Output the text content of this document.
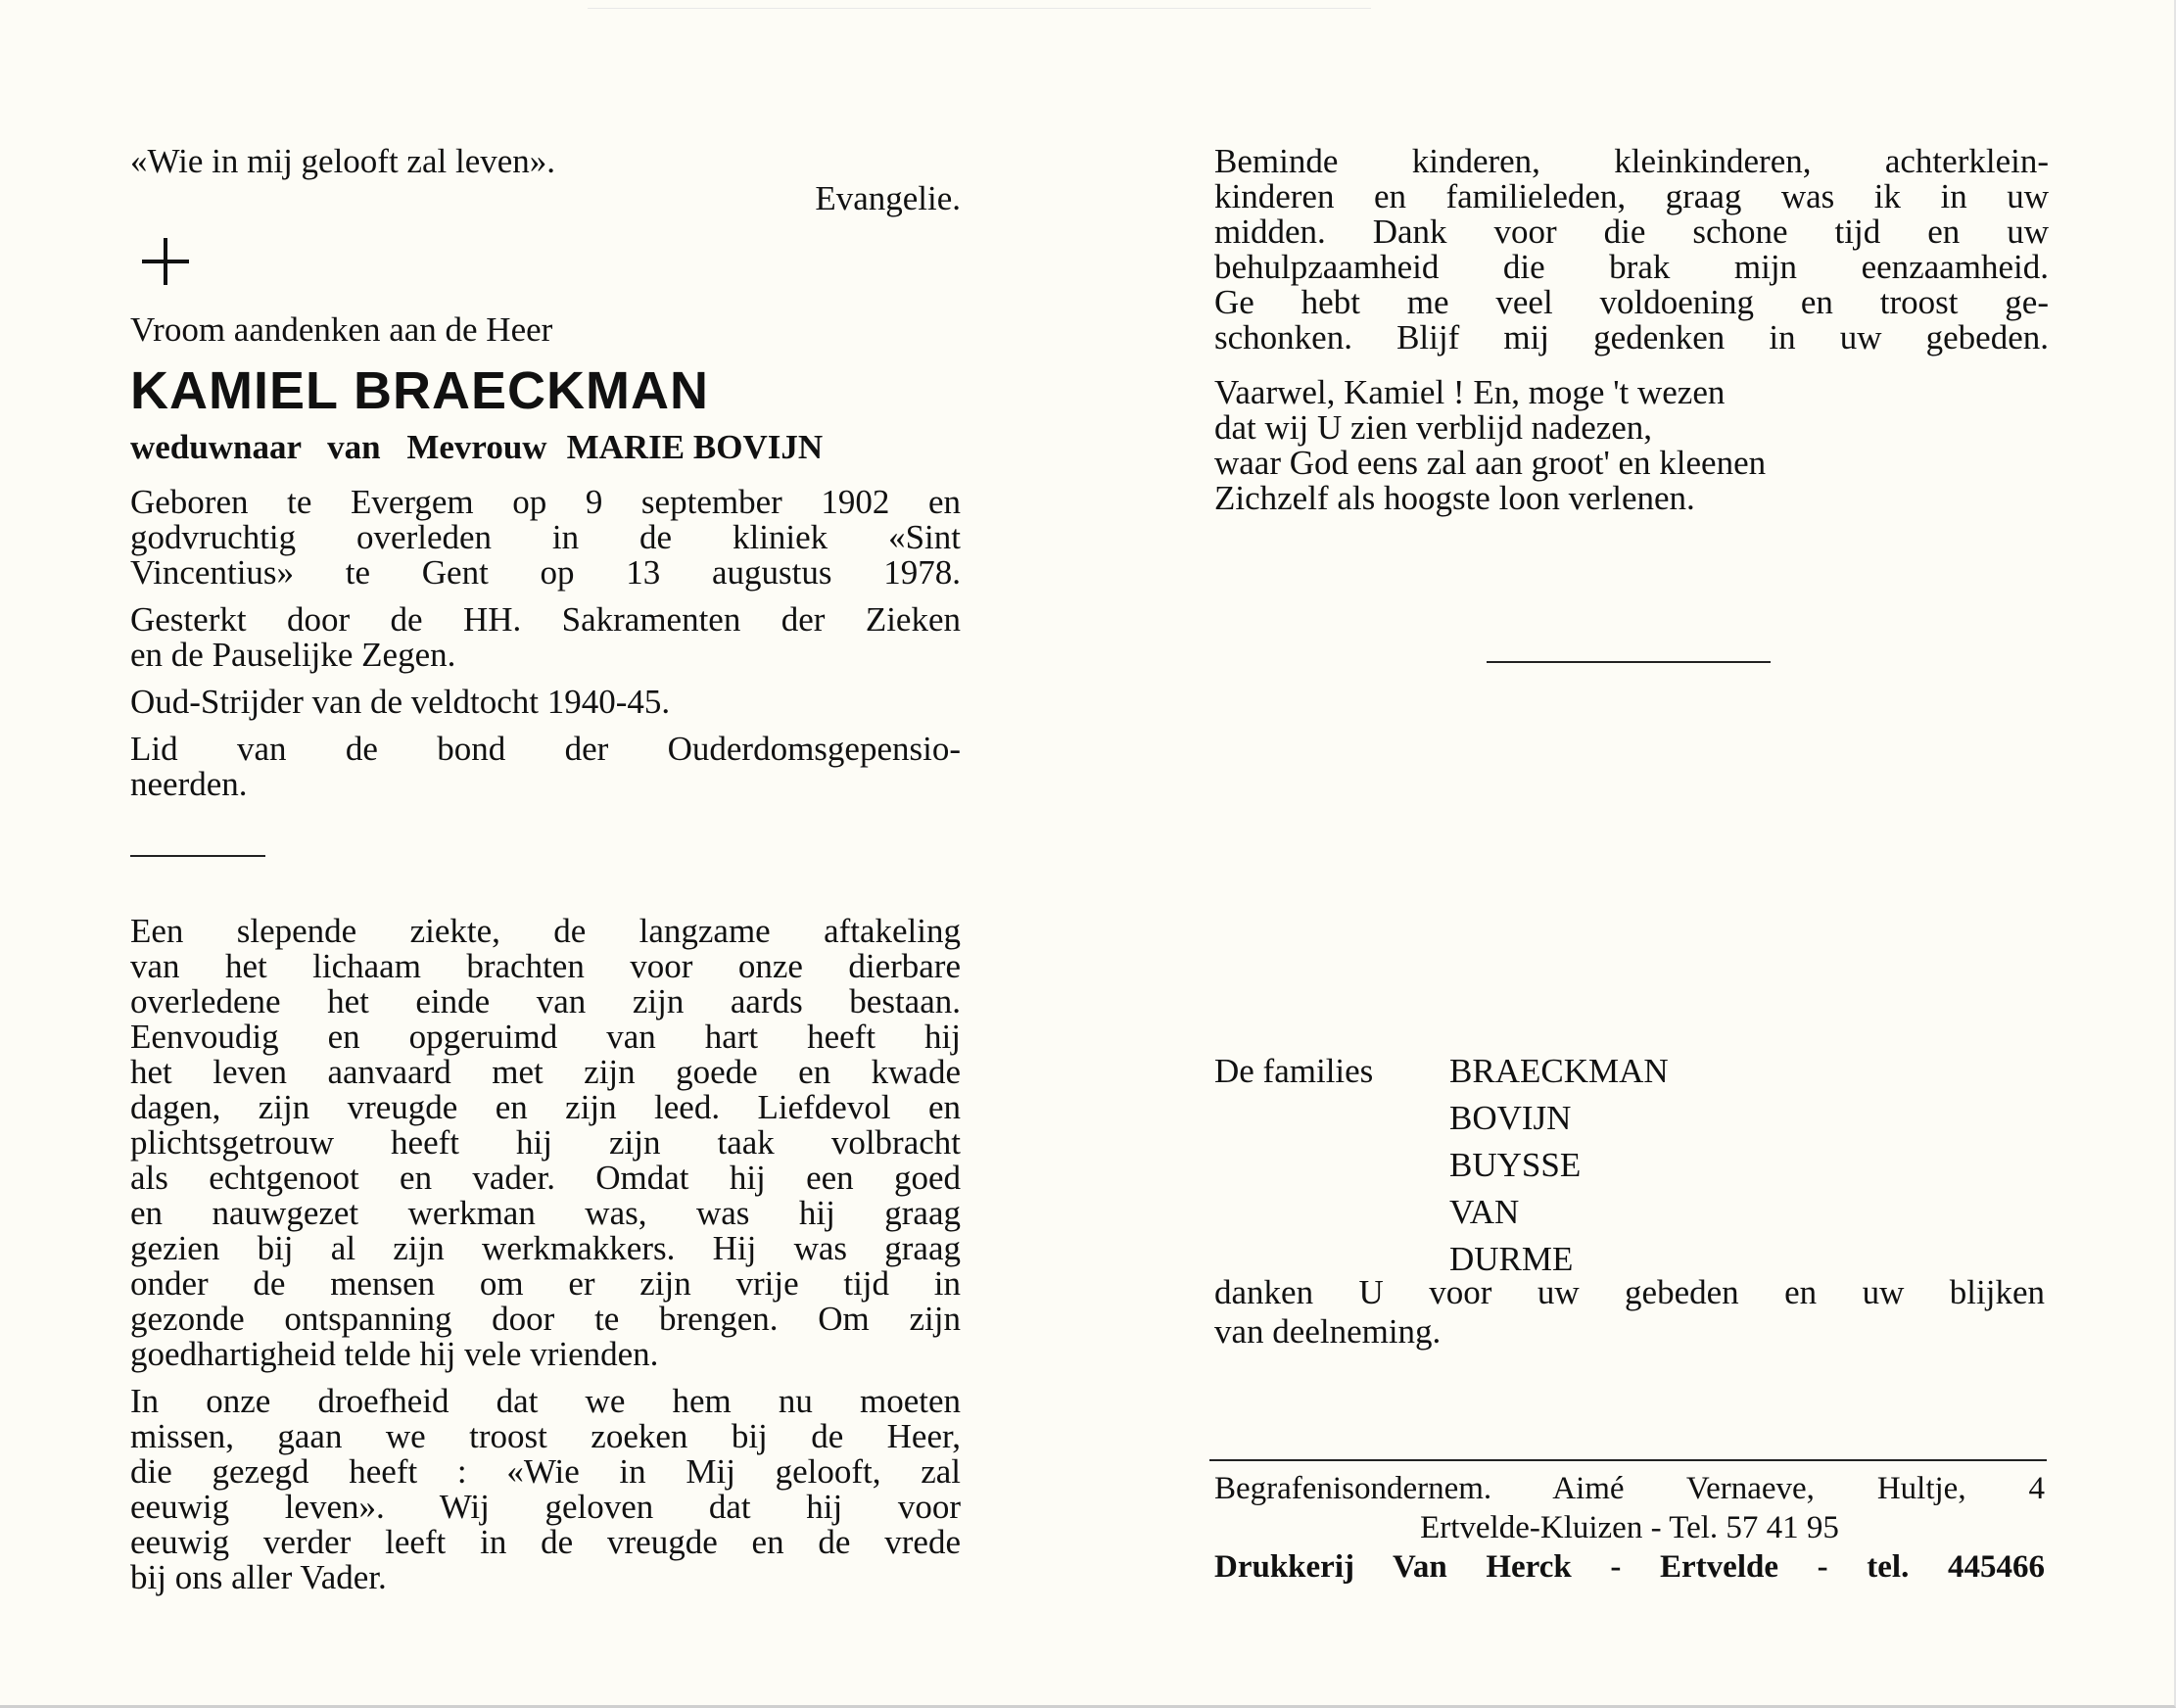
«Wie in mij gelooft zal leven».
Evangelie.

Vroom aandenken aan de Heer

KAMIEL BRAECKMAN
weduwnaar van Mevrouw MARIE BOVIJN
Geboren te Evergem op 9 september 1902 en
godvruchtig overleden in de kliniek «Sint
Vincentius» te Gent op 13 augustus 1978.
Gesterkt door de HH. Sakramenten der Zieken
en de Pauselijke Zegen.

Oud-Strijder van de veldtocht 1940-45.

Lid van de bond der Ouderdomsgepensio-
neerden.
Een slepende ziekte, de langzame aftakeling
van het lichaam brachten voor onze dierbare
overledene het einde van zijn aards bestaan.
Eenvoudig en opgeruimd van hart heeft hij
het leven aanvaard met zijn goede en kwade
dagen, zijn vreugde en zijn leed. Liefdevol en
plichtsgetrouw heeft hij zijn taak volbracht
als echtgenoot en vader. Omdat hij een goed
en nauwgezet werkman was, was hij graag
gezien bij al zijn werkmakkers. Hij was graag
onder de mensen om er zijn vrije tijd in
gezonde ontspanning door te brengen. Om zijn
goedhartigheid telde hij vele vrienden.
In onze droefheid dat we hem nu moeten
missen, gaan we troost zoeken bij de Heer,
die gezegd heeft : «Wie in Mij gelooft, zal
eeuwig leven». Wij geloven dat hij voor
eeuwig verder leeft in de vreugde en de vrede
bij ons aller Vader.
Beminde kinderen, kleinkinderen, achterklein-
kinderen en familieleden, graag was ik in uw
midden. Dank voor die schone tijd en uw
behulpzaamheid die brak mijn eenzaamheid.
Ge hebt me veel voldoening en troost ge-
schonken. Blijf mij gedenken in uw gebeden.
Vaarwel, Kamiel ! En, moge 't wezen
dat wij U zien verblijd nadezen,
waar God eens zal aan groot' en kleenen
Zichzelf als hoogste loon verlenen.
De families BRAECKMAN
BOVIJN
BUYSSE
VAN DURME
danken U voor uw gebeden en uw blijken
van deelneming.
Begrafenisondernem. Aimé Vernaeve, Hultje, 4
Ertvelde-Kluizen - Tel. 57 41 95
Drukkerij Van Herck - Ertvelde - tel. 445466
